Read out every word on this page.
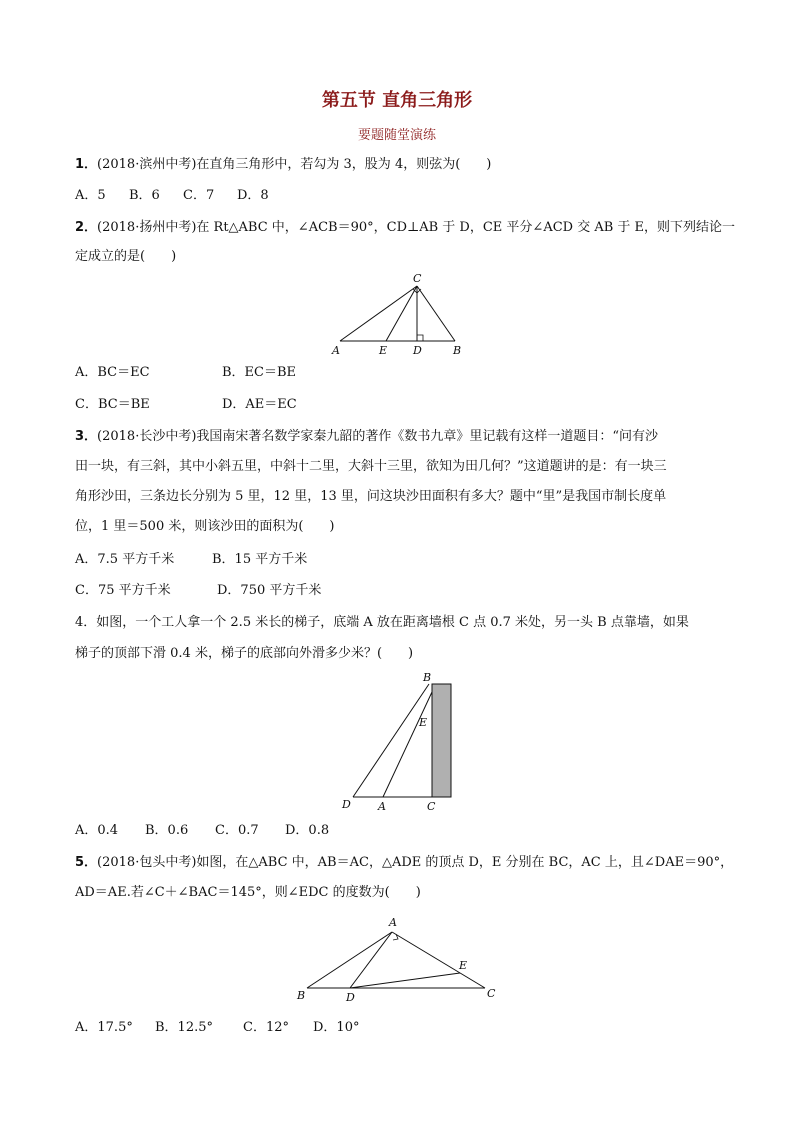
第五节 直角三角形
要题随堂演练
1．(2018·滨州中考)在直角三角形中，若勾为 3，股为 4，则弦为(　　)
A．5 B．6 C．7 D．8
2．(2018·扬州中考)在 Rt△ABC 中，∠ACB＝90°，CD⊥AB 于 D，CE 平分∠ACD 交 AB 于 E，则下列结论一
定成立的是(　　)
C
A	E D	B
A．BC＝EC	B．EC＝BE
C．BC＝BE	D．AE＝EC
3．(2018·长沙中考)我国南宋著名数学家秦九韶的著作《数书九章》里记载有这样一道题目：“问有沙
田一块，有三斜，其中小斜五里，中斜十二里，大斜十三里，欲知为田几何？”这道题讲的是：有一块三
角形沙田，三条边长分别为 5 里，12 里，13 里，问这块沙田面积有多大？题中“里”是我国市制长度单
位，1 里＝500 米，则该沙田的面积为(　　)
A．7.5 平方千米	B．15 平方千米
C．75 平方千米	D．750 平方千米
4．如图，一个工人拿一个 2.5 米长的梯子，底端 A 放在距离墙根 C 点 0.7 米处，另一头 B 点靠墙，如果
梯子的顶部下滑 0.4 米，梯子的底部向外滑多少米？(　　)
B
E
D A	C
A．0.4 B．0.6 C．0.7 D．0.8
5．(2018·包头中考)如图，在△ABC 中，AB＝AC，△ADE 的顶点 D，E 分别在 BC，AC 上，且∠DAE＝90°，
AD＝AE.若∠C＋∠BAC＝145°，则∠EDC 的度数为(　　)
A
E
B	D	C
A．17.5° B．12.5° C．12° D．10°
